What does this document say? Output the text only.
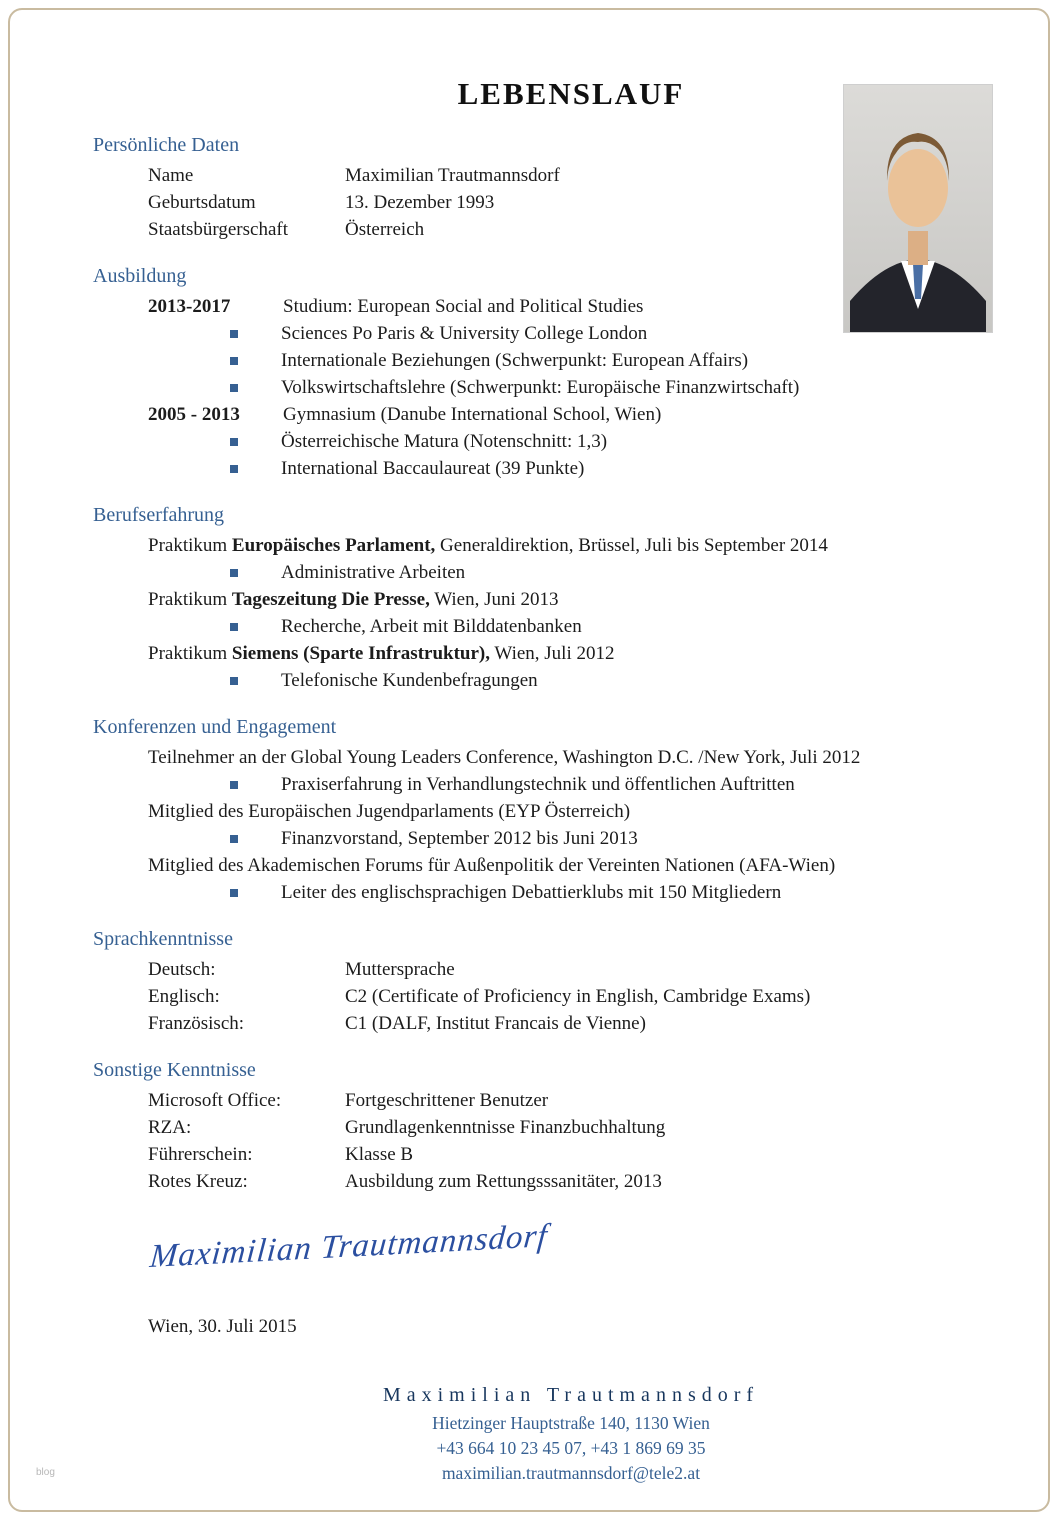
LEBENSLAUF
Persönliche Daten
Name	Maximilian Trautmannsdorf
Geburtsdatum	13. Dezember 1993
Staatsbürgerschaft	Österreich
Ausbildung
2013-2017	Studium: European Social and Political Studies
Sciences Po Paris & University College London
Internationale Beziehungen (Schwerpunkt: European Affairs)
Volkswirtschaftslehre (Schwerpunkt: Europäische Finanzwirtschaft)
2005 - 2013	Gymnasium (Danube International School, Wien)
Österreichische Matura (Notenschnitt: 1,3)
International Baccaulaureat (39 Punkte)
Berufserfahrung
Praktikum Europäisches Parlament, Generaldirektion, Brüssel, Juli bis September 2014
Administrative Arbeiten
Praktikum Tageszeitung Die Presse, Wien, Juni 2013
Recherche, Arbeit mit Bilddatenbanken
Praktikum Siemens (Sparte Infrastruktur), Wien, Juli 2012
Telefonische Kundenbefragungen
Konferenzen und Engagement
Teilnehmer an der Global Young Leaders Conference, Washington D.C. /New York, Juli 2012
Praxiserfahrung in Verhandlungstechnik und öffentlichen Auftritten
Mitglied des Europäischen Jugendparlaments (EYP Österreich)
Finanzvorstand, September 2012 bis Juni 2013
Mitglied des Akademischen Forums für Außenpolitik der Vereinten Nationen (AFA-Wien)
Leiter des englischsprachigen Debattierklubs mit 150 Mitgliedern
Sprachkenntnisse
Deutsch:	Muttersprache
Englisch:	C2 (Certificate of Proficiency in English, Cambridge Exams)
Französisch:	C1 (DALF, Institut Francais de Vienne)
Sonstige Kenntnisse
Microsoft Office:	Fortgeschrittener Benutzer
RZA:	Grundlagenkenntnisse Finanzbuchhaltung
Führerschein:	Klasse B
Rotes Kreuz:	Ausbildung zum Rettungsssanitäter, 2013
Maximilian Trautmannsdorf
Wien, 30. Juli 2015
Maximilian Trautmannsdorf
Hietzinger Hauptstraße 140, 1130 Wien
+43 664 10 23 45 07, +43 1 869 69 35
maximilian.trautmannsdorf@tele2.at
blog
